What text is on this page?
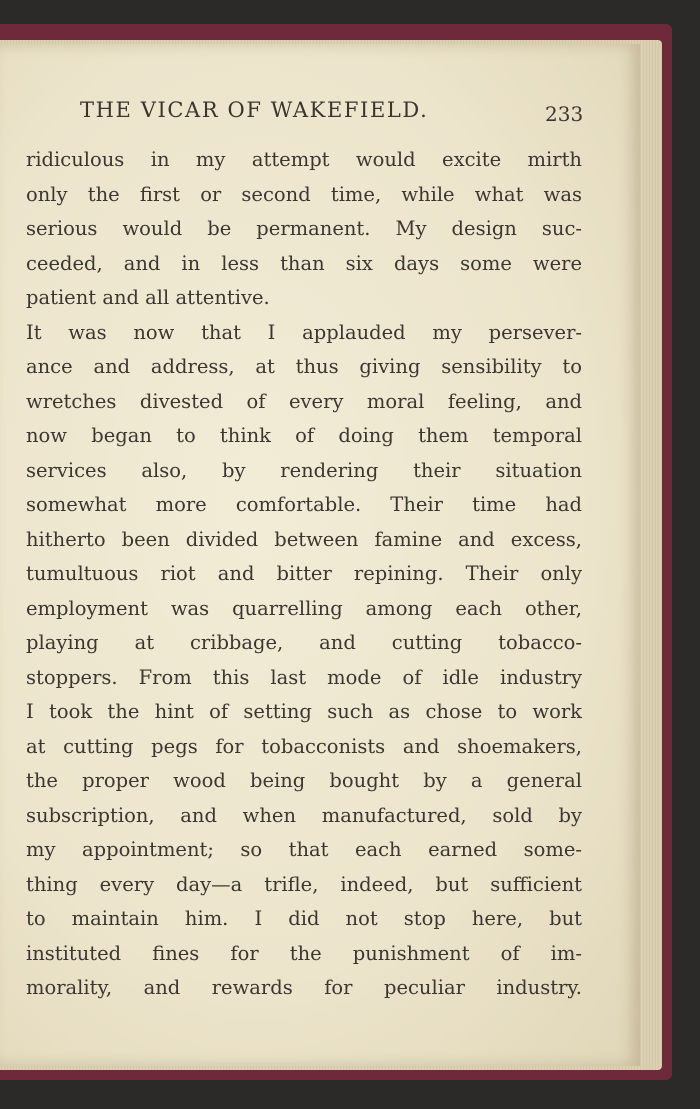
THE VICAR OF WAKEFIELD.	233
ridiculous in my attempt would excite mirth
only the first or second time, while what was
serious would be permanent. My design suc-
ceeded, and in less than six days some were
patient and all attentive.
It was now that I applauded my persever-
ance and address, at thus giving sensibility to
wretches divested of every moral feeling, and
now began to think of doing them temporal
services also, by rendering their situation
somewhat more comfortable. Their time had
hitherto been divided between famine and excess,
tumultuous riot and bitter repining. Their only
employment was quarrelling among each other,
playing at cribbage, and cutting tobacco-
stoppers. From this last mode of idle industry
I took the hint of setting such as chose to work
at cutting pegs for tobacconists and shoemakers,
the proper wood being bought by a general
subscription, and when manufactured, sold by
my appointment; so that each earned some-
thing every day—a trifle, indeed, but sufficient
to maintain him. I did not stop here, but
instituted fines for the punishment of im-
morality, and rewards for peculiar industry.
